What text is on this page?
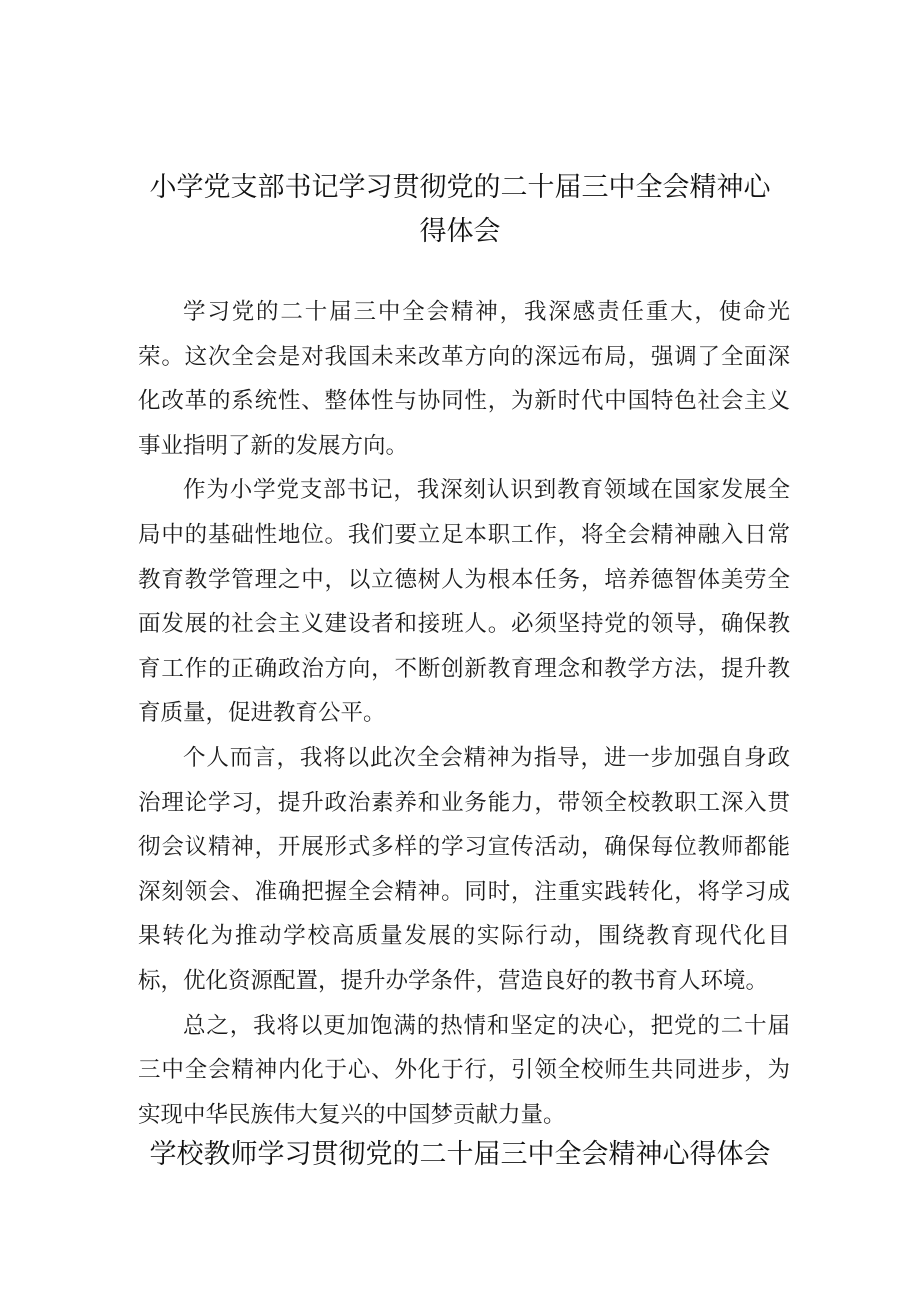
小学党支部书记学习贯彻党的二十届三中全会精神心
得体会

学习党的二十届三中全会精神，我深感责任重大，使命光荣。这次全会是对我国未来改革方向的深远布局，强调了全面深化改革的系统性、整体性与协同性，为新时代中国特色社会主义事业指明了新的发展方向。

作为小学党支部书记，我深刻认识到教育领域在国家发展全局中的基础性地位。我们要立足本职工作，将全会精神融入日常教育教学管理之中，以立德树人为根本任务，培养德智体美劳全面发展的社会主义建设者和接班人。必须坚持党的领导，确保教育工作的正确政治方向，不断创新教育理念和教学方法，提升教育质量，促进教育公平。

个人而言，我将以此次全会精神为指导，进一步加强自身政治理论学习，提升政治素养和业务能力，带领全校教职工深入贯彻会议精神，开展形式多样的学习宣传活动，确保每位教师都能深刻领会、准确把握全会精神。同时，注重实践转化，将学习成果转化为推动学校高质量发展的实际行动，围绕教育现代化目标，优化资源配置，提升办学条件，营造良好的教书育人环境。

总之，我将以更加饱满的热情和坚定的决心，把党的二十届三中全会精神内化于心、外化于行，引领全校师生共同进步，为实现中华民族伟大复兴的中国梦贡献力量。

学校教师学习贯彻党的二十届三中全会精神心得体会
